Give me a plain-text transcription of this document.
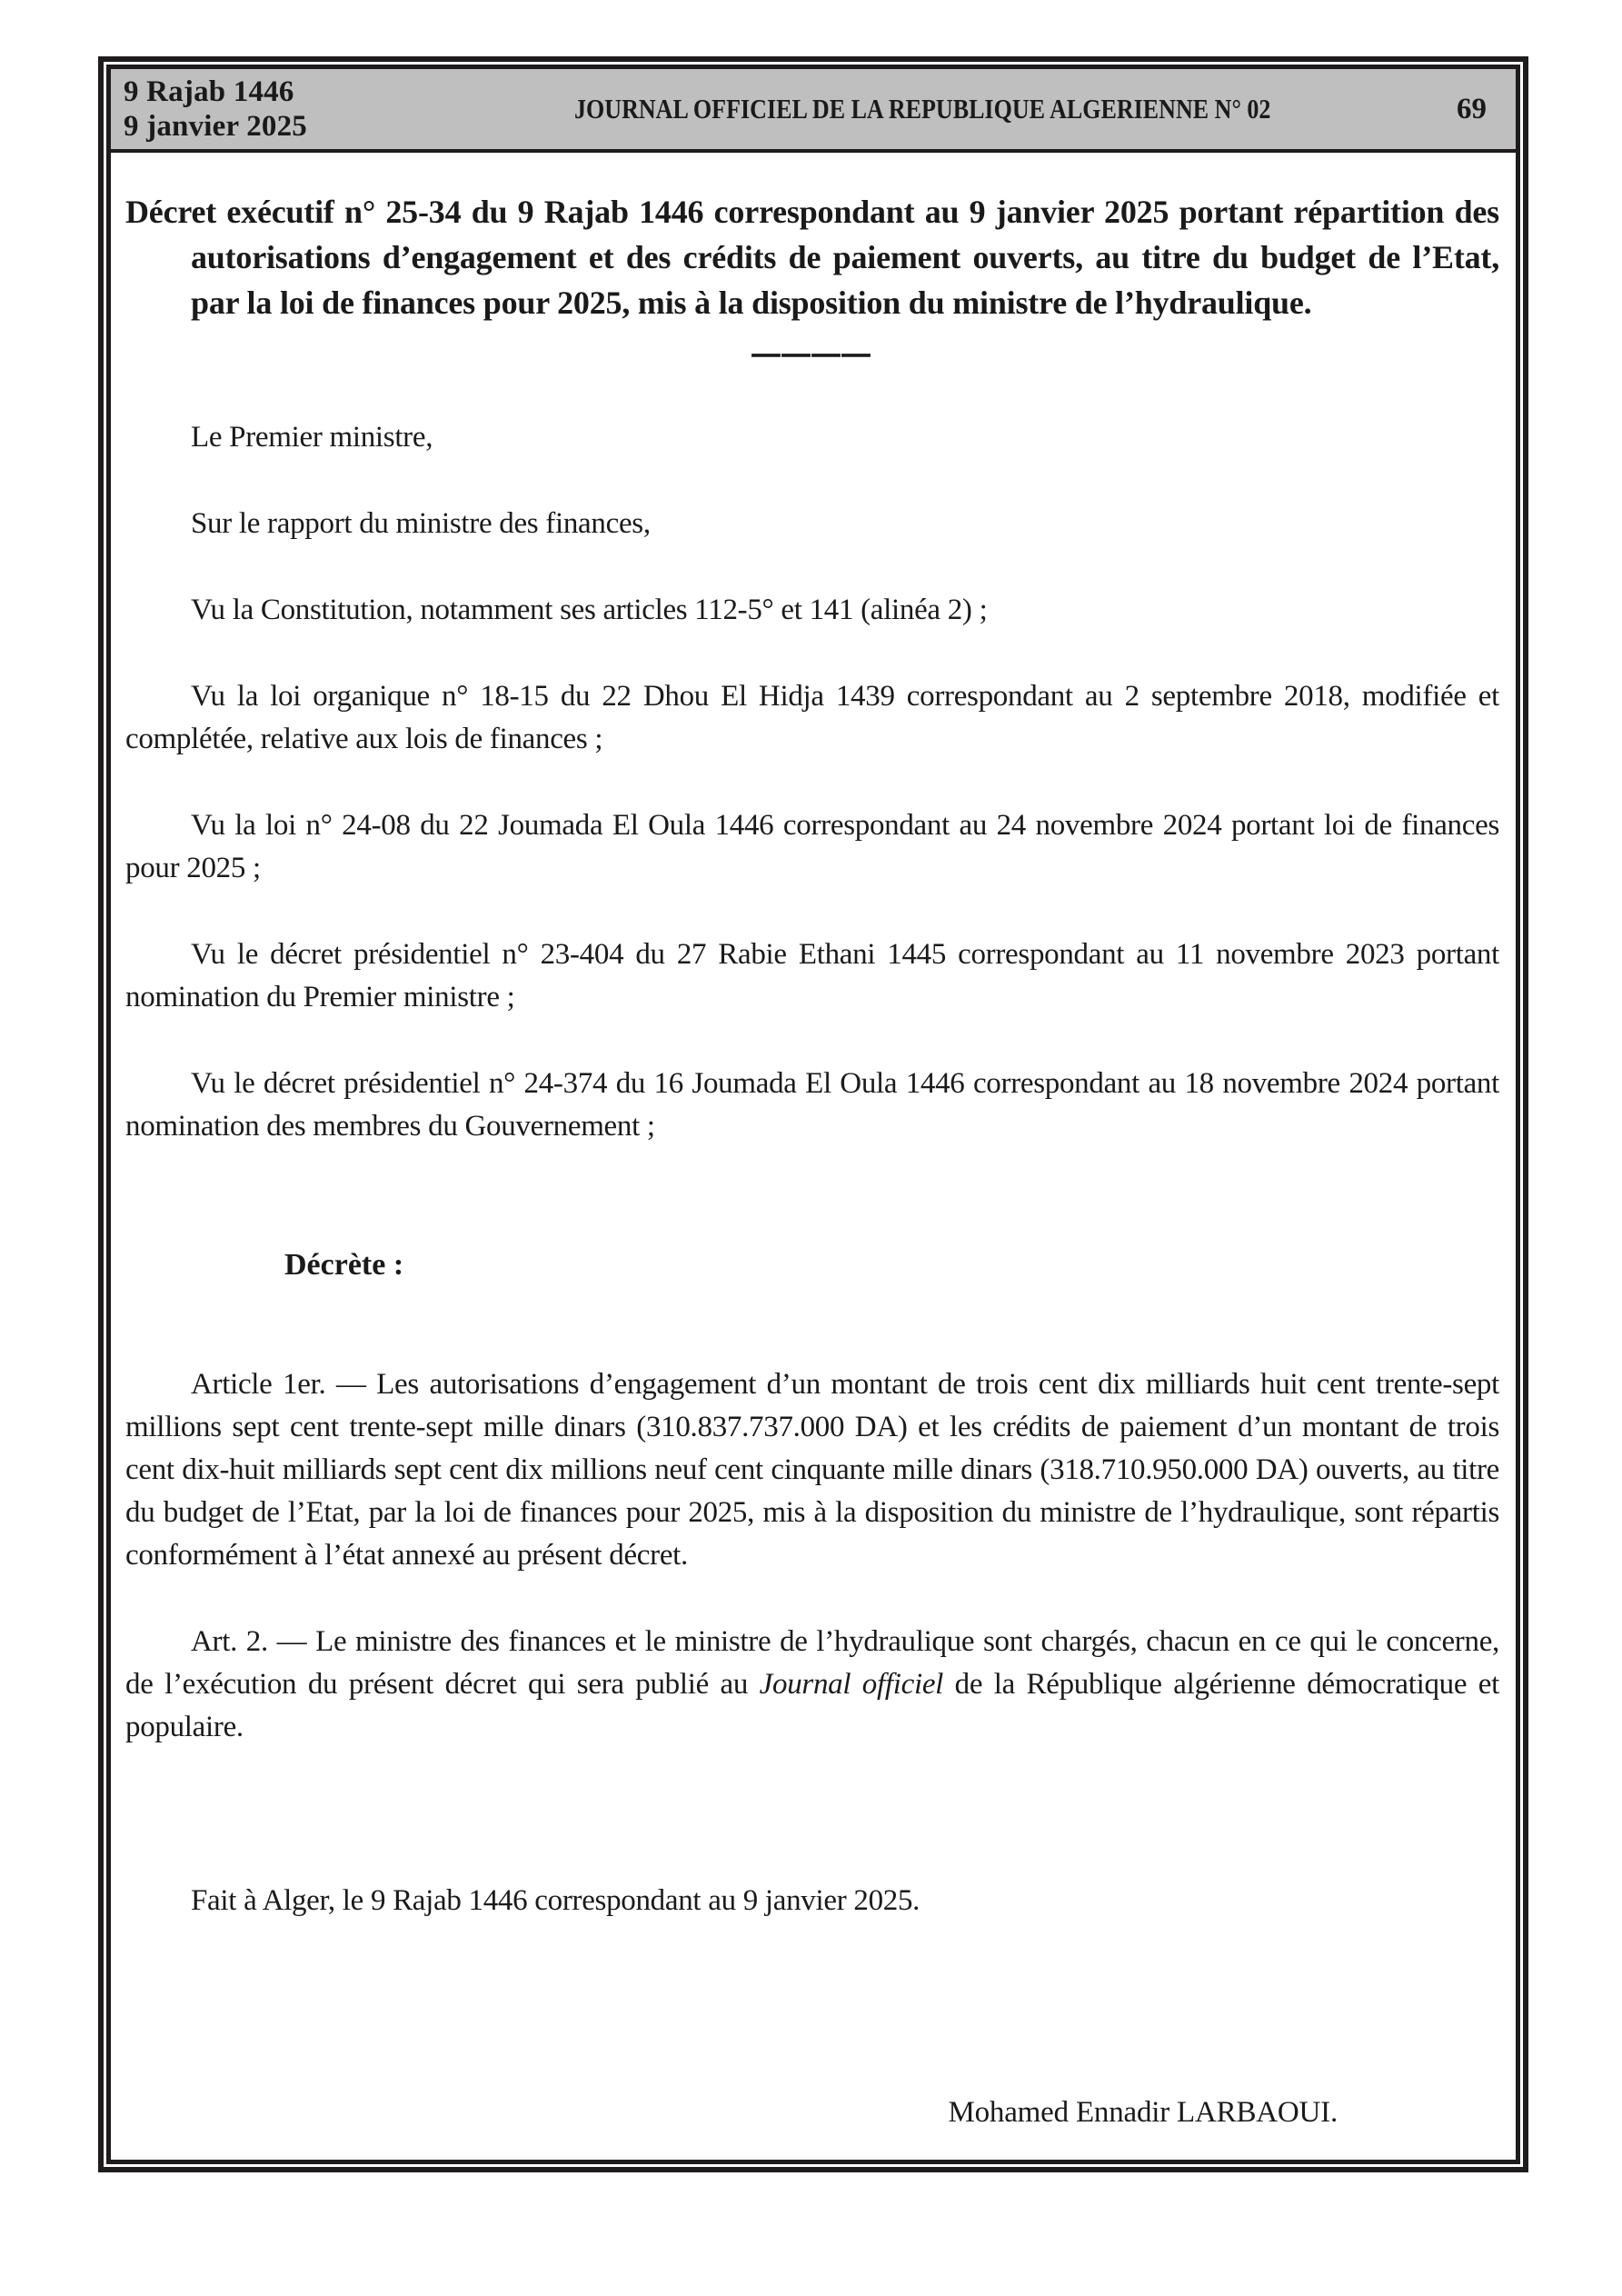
9 Rajab 1446
9 janvier 2025
JOURNAL OFFICIEL DE LA REPUBLIQUE ALGERIENNE N° 02	69

Décret exécutif n° 25-34 du 9 Rajab 1446 correspondant au 9 janvier 2025 portant répartition des autorisations d’engagement et des crédits de paiement ouverts, au titre du budget de l’Etat, par la loi de finances pour 2025, mis à la disposition du ministre de l’hydraulique.

————

Le Premier ministre,

Sur le rapport du ministre des finances,

Vu la Constitution, notamment ses articles 112-5° et 141 (alinéa 2) ;

Vu la loi organique n° 18-15 du 22 Dhou El Hidja 1439 correspondant au 2 septembre 2018, modifiée et complétée, relative aux lois de finances ;

Vu la loi n° 24-08 du 22 Joumada El Oula 1446 correspondant au 24 novembre 2024 portant loi de finances pour 2025 ;

Vu le décret présidentiel n° 23-404 du 27 Rabie Ethani 1445 correspondant au 11 novembre 2023 portant nomination du Premier ministre ;

Vu le décret présidentiel n° 24-374 du 16 Joumada El Oula 1446 correspondant au 18 novembre 2024 portant nomination des membres du Gouvernement ;

Décrète :

Article 1er. — Les autorisations d’engagement d’un montant de trois cent dix milliards huit cent trente-sept millions sept cent trente-sept mille dinars (310.837.737.000 DA) et les crédits de paiement d’un montant de trois cent dix-huit milliards sept cent dix millions neuf cent cinquante mille dinars (318.710.950.000 DA) ouverts, au titre du budget de l’Etat, par la loi de finances pour 2025, mis à la disposition du ministre de l’hydraulique, sont répartis conformément à l’état annexé au présent décret.

Art. 2. — Le ministre des finances et le ministre de l’hydraulique sont chargés, chacun en ce qui le concerne, de l’exécution du présent décret qui sera publié au Journal officiel de la République algérienne démocratique et populaire.

Fait à Alger, le 9 Rajab 1446 correspondant au 9 janvier 2025.

Mohamed Ennadir LARBAOUI.
